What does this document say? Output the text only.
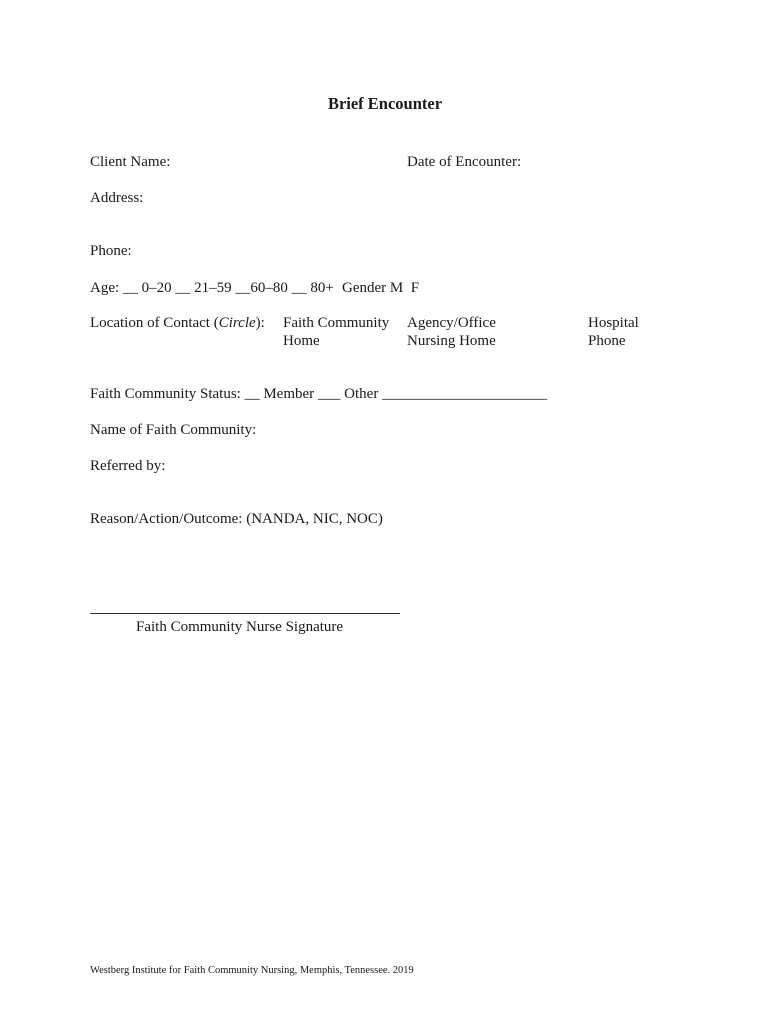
Brief Encounter
Client Name:	Date of Encounter:
Address:
Phone:
Age: __ 0–20 __ 21–59 __60–80 __ 80+ Gender M  F
Location of Contact (Circle): Faith Community
Home
Agency/Office
Nursing Home
Hospital
Phone
Faith Community Status: __ Member ___ Other ______________________
Name of Faith Community:
Referred by:
Reason/Action/Outcome: (NANDA, NIC, NOC)
Faith Community Nurse Signature
Westberg Institute for Faith Community Nursing, Memphis, Tennessee. 2019
